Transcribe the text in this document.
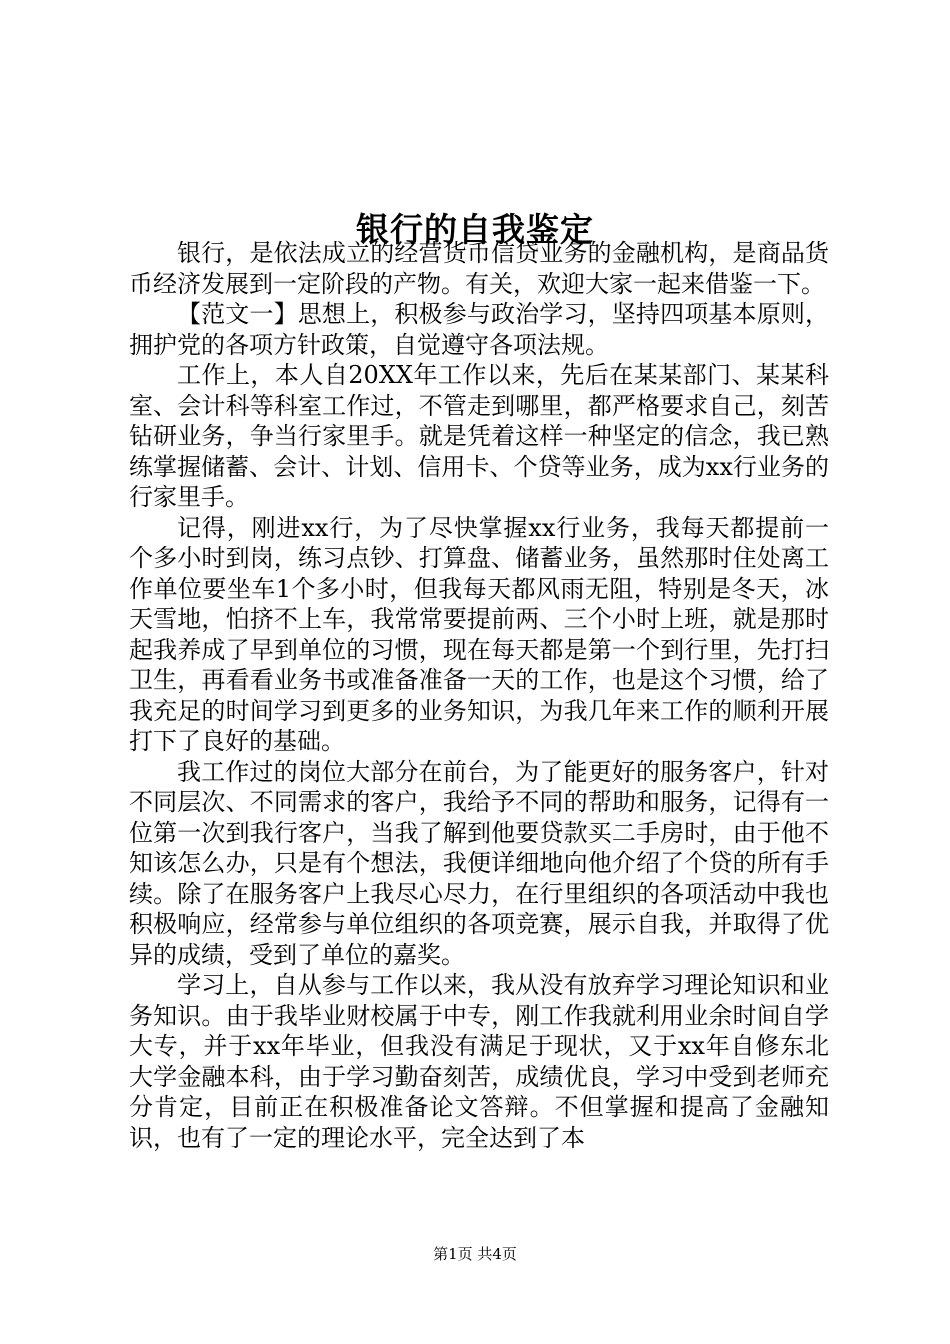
银行的自我鉴定

银行，是依法成立的经营货币信贷业务的金融机构，是商品货币经济发展到一定阶段的产物。有关，欢迎大家一起来借鉴一下。

【范文一】思想上，积极参与政治学习，坚持四项基本原则，拥护党的各项方针政策，自觉遵守各项法规。

工作上，本人自20XX年工作以来，先后在某某部门、某某科室、会计科等科室工作过，不管走到哪里，都严格要求自己，刻苦钻研业务，争当行家里手。就是凭着这样一种坚定的信念，我已熟练掌握储蓄、会计、计划、信用卡、个贷等业务，成为xx行业务的行家里手。

记得，刚进xx行，为了尽快掌握xx行业务，我每天都提前一个多小时到岗，练习点钞、打算盘、储蓄业务，虽然那时住处离工作单位要坐车1个多小时，但我每天都风雨无阻，特别是冬天，冰天雪地，怕挤不上车，我常常要提前两、三个小时上班，就是那时起我养成了早到单位的习惯，现在每天都是第一个到行里，先打扫卫生，再看看业务书或准备准备一天的工作，也是这个习惯，给了我充足的时间学习到更多的业务知识，为我几年来工作的顺利开展打下了良好的基础。

我工作过的岗位大部分在前台，为了能更好的服务客户，针对不同层次、不同需求的客户，我给予不同的帮助和服务，记得有一位第一次到我行客户，当我了解到他要贷款买二手房时，由于他不知该怎么办，只是有个想法，我便详细地向他介绍了个贷的所有手续。除了在服务客户上我尽心尽力，在行里组织的各项活动中我也积极响应，经常参与单位组织的各项竞赛，展示自我，并取得了优异的成绩，受到了单位的嘉奖。

学习上，自从参与工作以来，我从没有放弃学习理论知识和业务知识。由于我毕业财校属于中专，刚工作我就利用业余时间自学大专，并于xx年毕业，但我没有满足于现状，又于xx年自修东北大学金融本科，由于学习勤奋刻苦，成绩优良，学习中受到老师充分肯定，目前正在积极准备论文答辩。不但掌握和提高了金融知识，也有了一定的理论水平，完全达到了本

第1页 共4页
